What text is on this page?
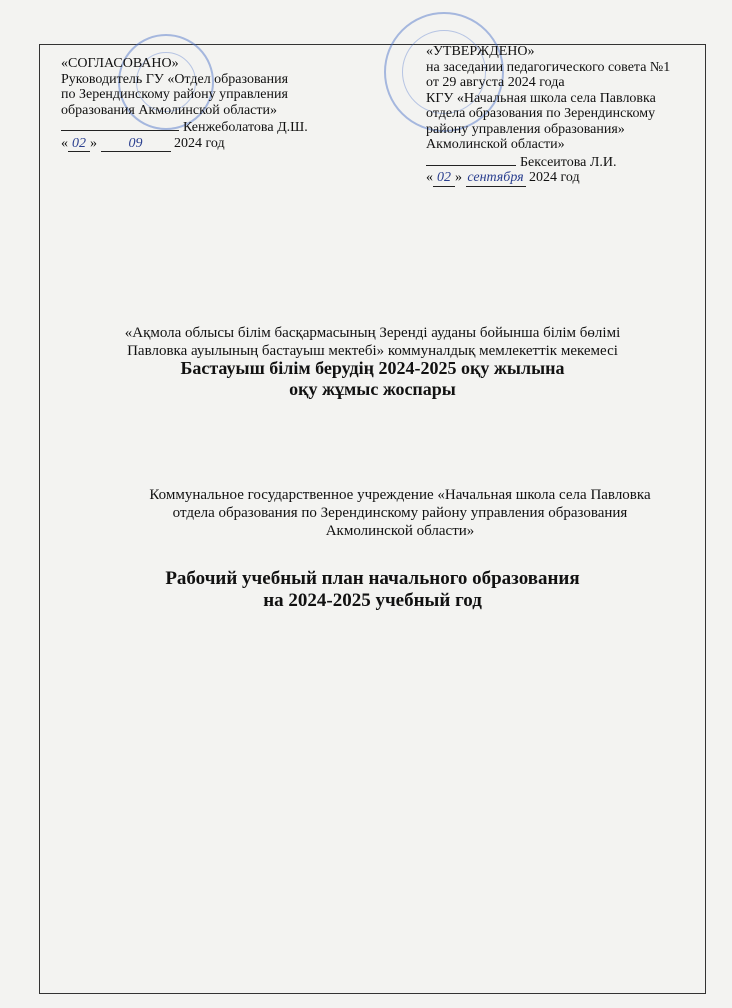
«СОГЛАСОВАНО»
Руководитель ГУ «Отдел образования
по Зерендинскому району управления
образования Акмолинской области»
Кенжеболатова Д.Ш.
« 02 » 09 2024 год
«УТВЕРЖДЕНО»
на заседании педагогического совета №1
от 29 августа 2024 года
КГУ «Начальная школа села Павловка
отдела образования по Зерендинскому
району управления образования»
Акмолинской области»
Бексеитова Л.И.
« 02 » сентября 2024 год
«Ақмола облысы білім басқармасының Зеренді ауданы бойынша білім бөлімі
Павловка ауылының бастауыш мектебі» коммуналдық мемлекеттік мекемесі
Бастауыш білім берудің 2024-2025 оқу жылына
оқу жұмыс жоспары
Коммунальное государственное учреждение «Начальная школа села Павловка
отдела образования по Зерендинскому району управления образования
Акмолинской области»
Рабочий учебный план начального образования
на 2024-2025 учебный год
